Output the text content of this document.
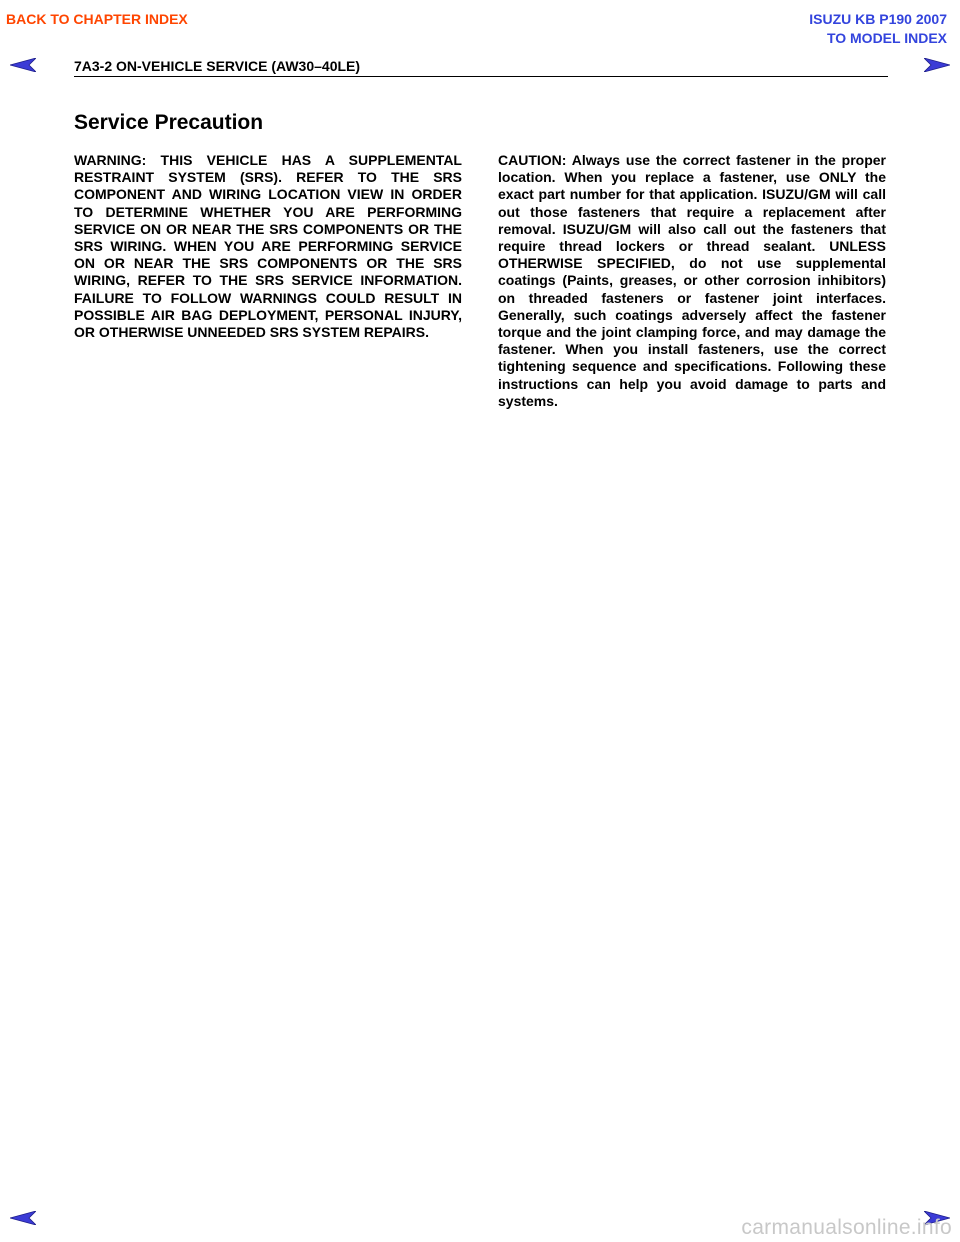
BACK TO CHAPTER INDEX	ISUZU KB P190 2007
TO MODEL INDEX
7A3-2 ON-VEHICLE SERVICE (AW30–40LE)
Service Precaution

WARNING: THIS VEHICLE HAS A SUPPLEMENTAL RESTRAINT SYSTEM (SRS). REFER TO THE SRS COMPONENT AND WIRING LOCATION VIEW IN ORDER TO DETERMINE WHETHER YOU ARE PERFORMING SERVICE ON OR NEAR THE SRS COMPONENTS OR THE SRS WIRING. WHEN YOU ARE PERFORMING SERVICE ON OR NEAR THE SRS COMPONENTS OR THE SRS WIRING, REFER TO THE SRS SERVICE INFORMATION. FAILURE TO FOLLOW WARNINGS COULD RESULT IN POSSIBLE AIR BAG DEPLOYMENT, PERSONAL INJURY, OR OTHERWISE UNNEEDED SRS SYSTEM REPAIRS.

CAUTION: Always use the correct fastener in the proper location. When you replace a fastener, use ONLY the exact part number for that application. ISUZU/GM will call out those fasteners that require a replacement after removal. ISUZU/GM will also call out the fasteners that require thread lockers or thread sealant. UNLESS OTHERWISE SPECIFIED, do not use supplemental coatings (Paints, greases, or other corrosion inhibitors) on threaded fasteners or fastener joint interfaces. Generally, such coatings adversely affect the fastener torque and the joint clamping force, and may damage the fastener. When you install fasteners, use the correct tightening sequence and specifications. Following these instructions can help you avoid damage to parts and systems.

carmanualsonline.info
